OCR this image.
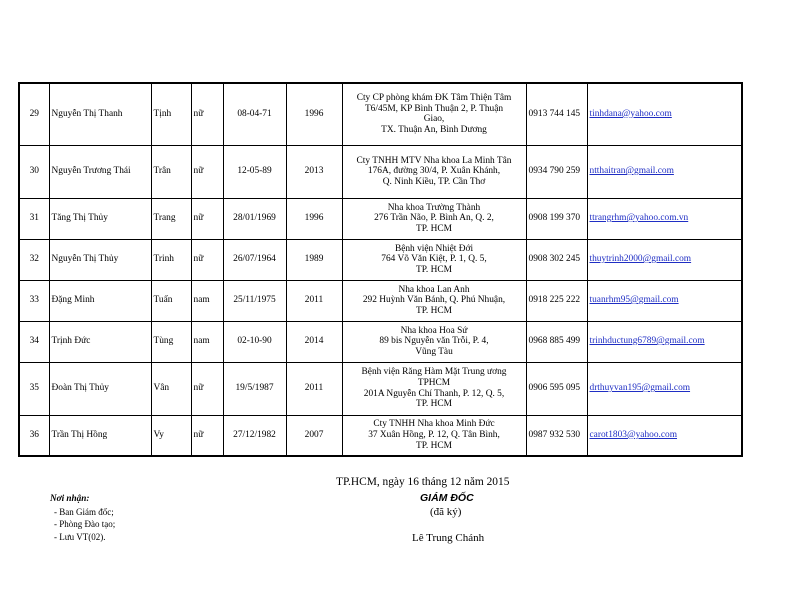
29	Nguyễn Thị Thanh	Tịnh	nữ	08-04-71	1996	Cty CP phòng khám ĐK Tâm Thiện Tâm
T6/45M, KP Bình Thuận 2, P. Thuận
Giao,
TX. Thuận An, Bình Dương	0913 744 145	tinhdana@yahoo.com
30	Nguyễn Trương Thái	Trân	nữ	12-05-89	2013	Cty TNHH MTV Nha khoa La Minh Tân
176A, đường 30/4, P. Xuân Khánh,
Q. Ninh Kiều, TP. Cần Thơ	0934 790 259	ntthaitran@gmail.com
31	Tăng Thị Thủy	Trang	nữ	28/01/1969	1996	Nha khoa Trường Thành
276 Trần Não, P. Bình An, Q. 2,
TP. HCM	0908 199 370	ttrangrhm@yahoo.com.vn
32	Nguyễn Thị Thủy	Trinh	nữ	26/07/1964	1989	Bệnh viện Nhiệt Đới
764 Võ Văn Kiệt, P. 1, Q. 5,
TP. HCM	0908 302 245	thuytrinh2000@gmail.com
33	Đặng Minh	Tuấn	nam	25/11/1975	2011	Nha khoa Lan Anh
292 Huỳnh Văn Bánh, Q. Phú Nhuận,
TP. HCM	0918 225 222	tuanrhm95@gmail.com
34	Trịnh Đức	Tùng	nam	02-10-90	2014	Nha khoa Hoa Sứ
89 bis Nguyễn văn Trỗi, P. 4,
Vũng Tàu	0968 885 499	trinhductung6789@gmail.com
35	Đoàn Thị Thủy	Vân	nữ	19/5/1987	2011	Bệnh viện Răng Hàm Mặt Trung ương
TPHCM
201A Nguyễn Chí Thanh, P. 12, Q. 5,
TP. HCM	0906 595 095	drthuyvan195@gmail.com
36	Trần Thị Hồng	Vy	nữ	27/12/1982	2007	Cty TNHH Nha khoa Minh Đức
37 Xuân Hồng, P. 12, Q. Tân Bình,
TP. HCM	0987 932 530	carot1803@yahoo.com
TP.HCM, ngày 16 tháng 12 năm 2015
GIÁM ĐỐC
(đã ký)
Lê Trung Chánh
Nơi nhận:
- Ban Giám đốc;
- Phòng Đào tạo;
- Lưu VT(02).
